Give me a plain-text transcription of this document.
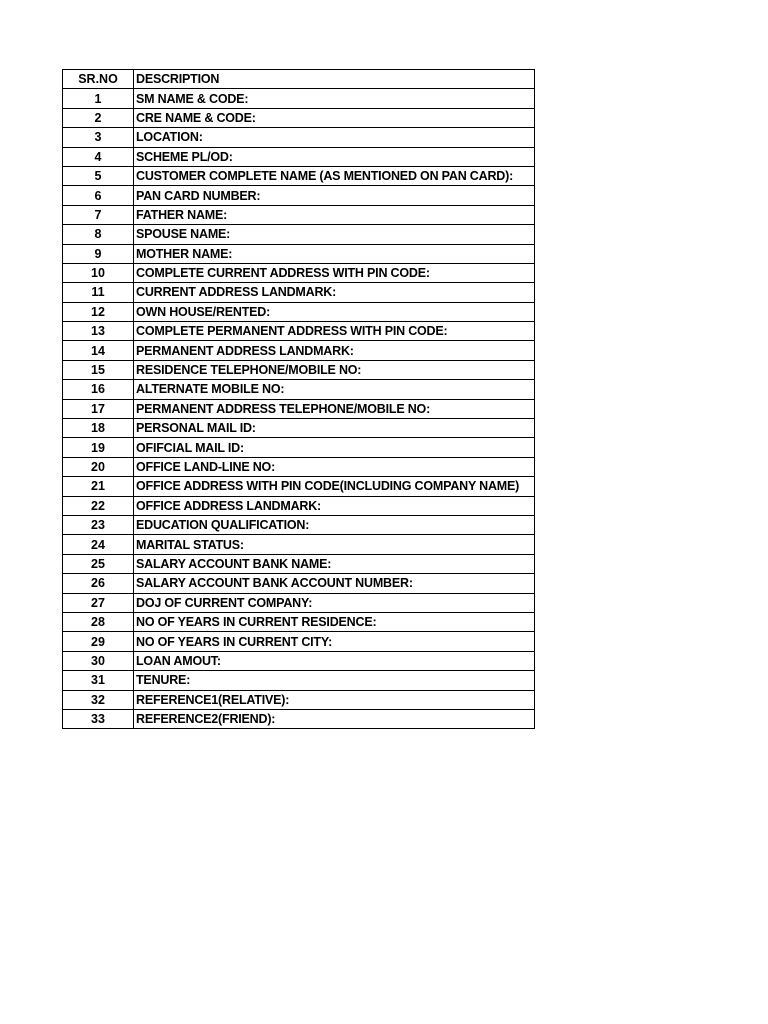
SR.NO	DESCRIPTION
1	SM NAME & CODE:
2	CRE NAME & CODE:
3	LOCATION:
4	SCHEME PL/OD:
5	CUSTOMER COMPLETE NAME (AS MENTIONED ON PAN CARD):
6	PAN CARD NUMBER:
7	FATHER NAME:
8	SPOUSE NAME:
9	MOTHER NAME:
10	COMPLETE CURRENT ADDRESS WITH PIN CODE:
11	CURRENT ADDRESS LANDMARK:
12	OWN HOUSE/RENTED:
13	COMPLETE PERMANENT ADDRESS WITH PIN CODE:
14	PERMANENT ADDRESS LANDMARK:
15	RESIDENCE TELEPHONE/MOBILE NO:
16	ALTERNATE MOBILE NO:
17	PERMANENT ADDRESS TELEPHONE/MOBILE NO:
18	PERSONAL MAIL ID:
19	OFIFCIAL MAIL ID:
20	OFFICE LAND-LINE NO:
21	OFFICE ADDRESS WITH PIN CODE(INCLUDING COMPANY NAME)
22	OFFICE ADDRESS LANDMARK:
23	EDUCATION QUALIFICATION:
24	MARITAL STATUS:
25	SALARY ACCOUNT BANK NAME:
26	SALARY ACCOUNT BANK ACCOUNT NUMBER:
27	DOJ OF CURRENT COMPANY:
28	NO OF YEARS IN CURRENT RESIDENCE:
29	NO OF YEARS IN CURRENT CITY:
30	LOAN AMOUT:
31	TENURE:
32	REFERENCE1(RELATIVE):
33	REFERENCE2(FRIEND):
